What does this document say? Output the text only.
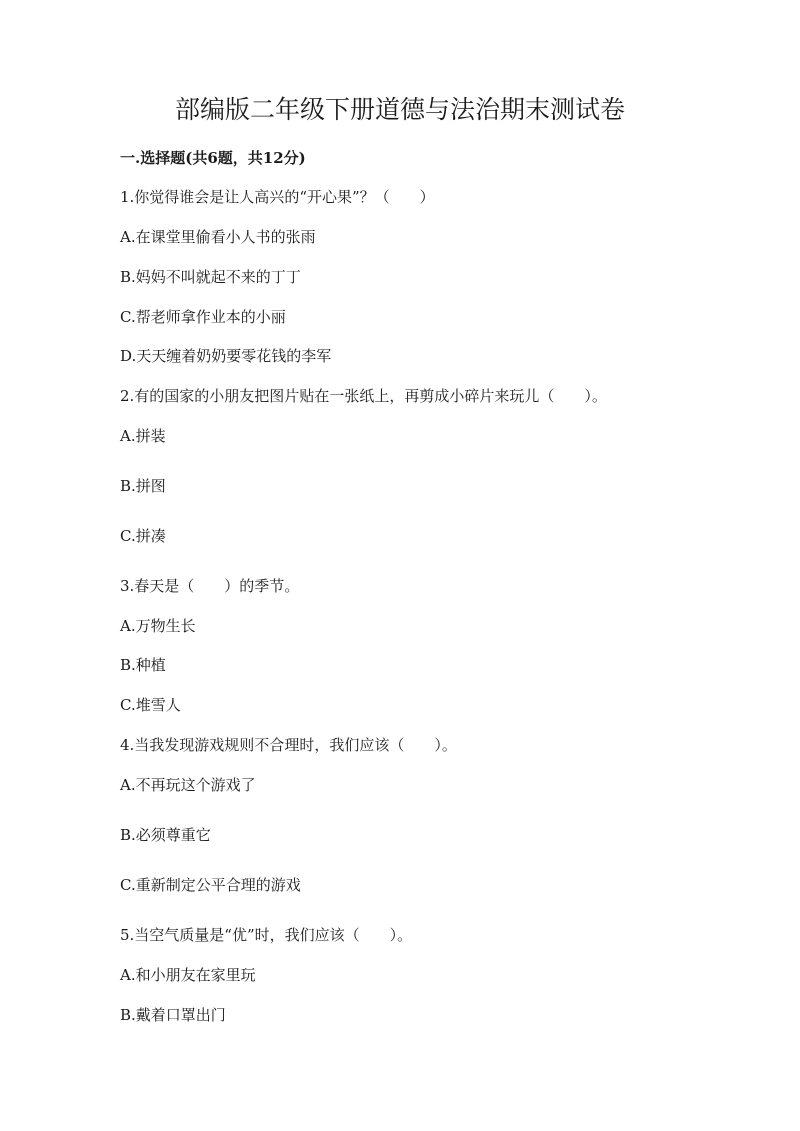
部编版二年级下册道德与法治期末测试卷
一.选择题(共6题，共12分)

1.你觉得谁会是让人高兴的“开心果”？（　　）

A.在课堂里偷看小人书的张雨

B.妈妈不叫就起不来的丁丁

C.帮老师拿作业本的小丽

D.天天缠着奶奶要零花钱的李军

2.有的国家的小朋友把图片贴在一张纸上，再剪成小碎片来玩儿（　　）。

A.拼装

B.拼图

C.拼凑

3.春天是（　　）的季节。

A.万物生长

B.种植

C.堆雪人

4.当我发现游戏规则不合理时，我们应该（　　）。

A.不再玩这个游戏了

B.必须尊重它

C.重新制定公平合理的游戏

5.当空气质量是“优”时，我们应该（　　）。

A.和小朋友在家里玩

B.戴着口罩出门
